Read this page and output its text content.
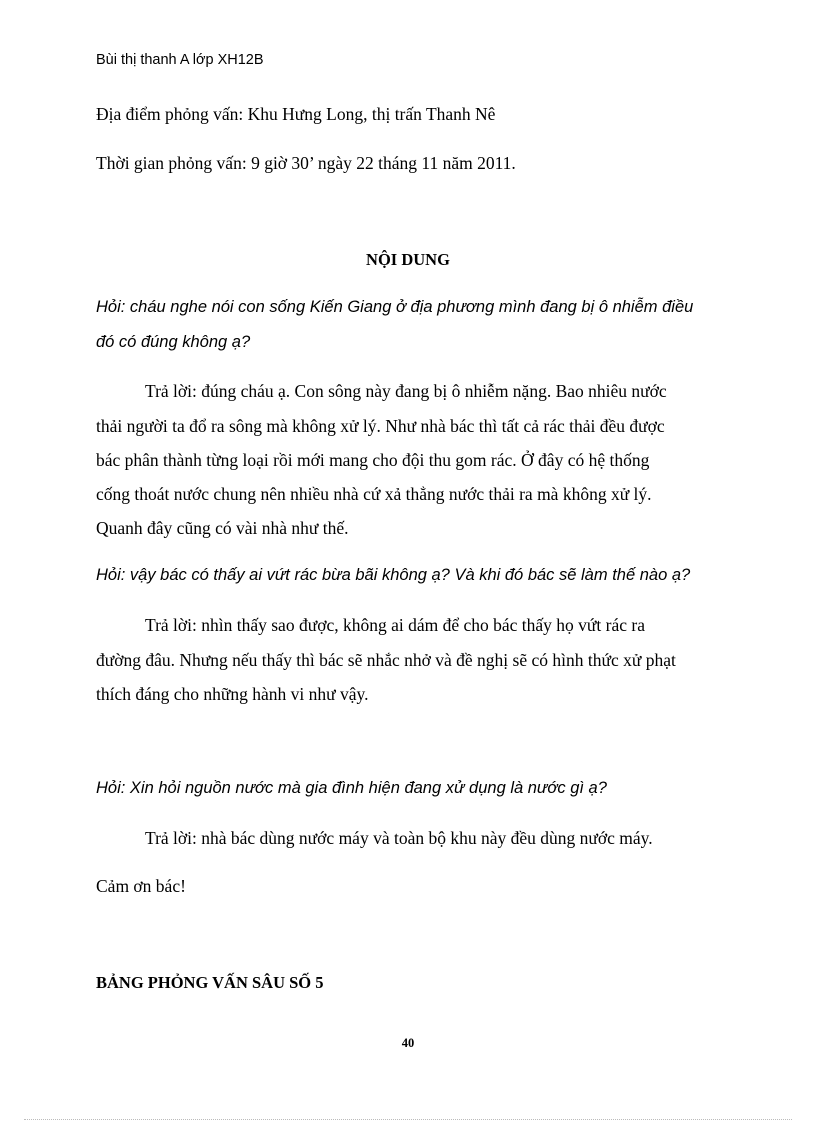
Bùi thị thanh A lớp XH12B
Địa điểm phỏng vấn: Khu Hưng Long, thị trấn Thanh Nê
Thời gian phỏng vấn: 9 giờ 30’ ngày 22 tháng 11 năm 2011.
NỘI DUNG
Hỏi: cháu nghe nói con sống Kiến Giang ở địa phương mình đang bị ô nhiễm điều
đó có đúng không ạ?
Trả lời: đúng cháu ạ. Con sông này đang bị ô nhiễm nặng. Bao nhiêu nước
thải người ta đổ ra sông mà không xử lý. Như nhà bác thì tất cả rác thải đều được
bác phân thành từng loại rồi mới mang cho đội thu gom rác. Ở đây có hệ thống
cống thoát nước chung nên nhiều nhà cứ xả thẳng nước thải ra mà không xử lý.
Quanh đây cũng có vài nhà như thế.
Hỏi: vậy bác có thấy ai vứt rác bừa bãi không ạ? Và khi đó bác sẽ làm thế nào ạ?
Trả lời: nhìn thấy sao được, không ai dám để cho bác thấy họ vứt rác ra
đường đâu. Nhưng nếu thấy thì bác sẽ nhắc nhở và đề nghị sẽ có hình thức xử phạt
thích đáng cho những hành vi như vậy.
Hỏi: Xin hỏi nguồn nước mà gia đình hiện đang xử dụng là nước gì ạ?
Trả lời: nhà bác dùng nước máy và toàn bộ khu này đều dùng nước máy.
Cảm ơn bác!
BẢNG PHỎNG VẤN SÂU SỐ 5
40
